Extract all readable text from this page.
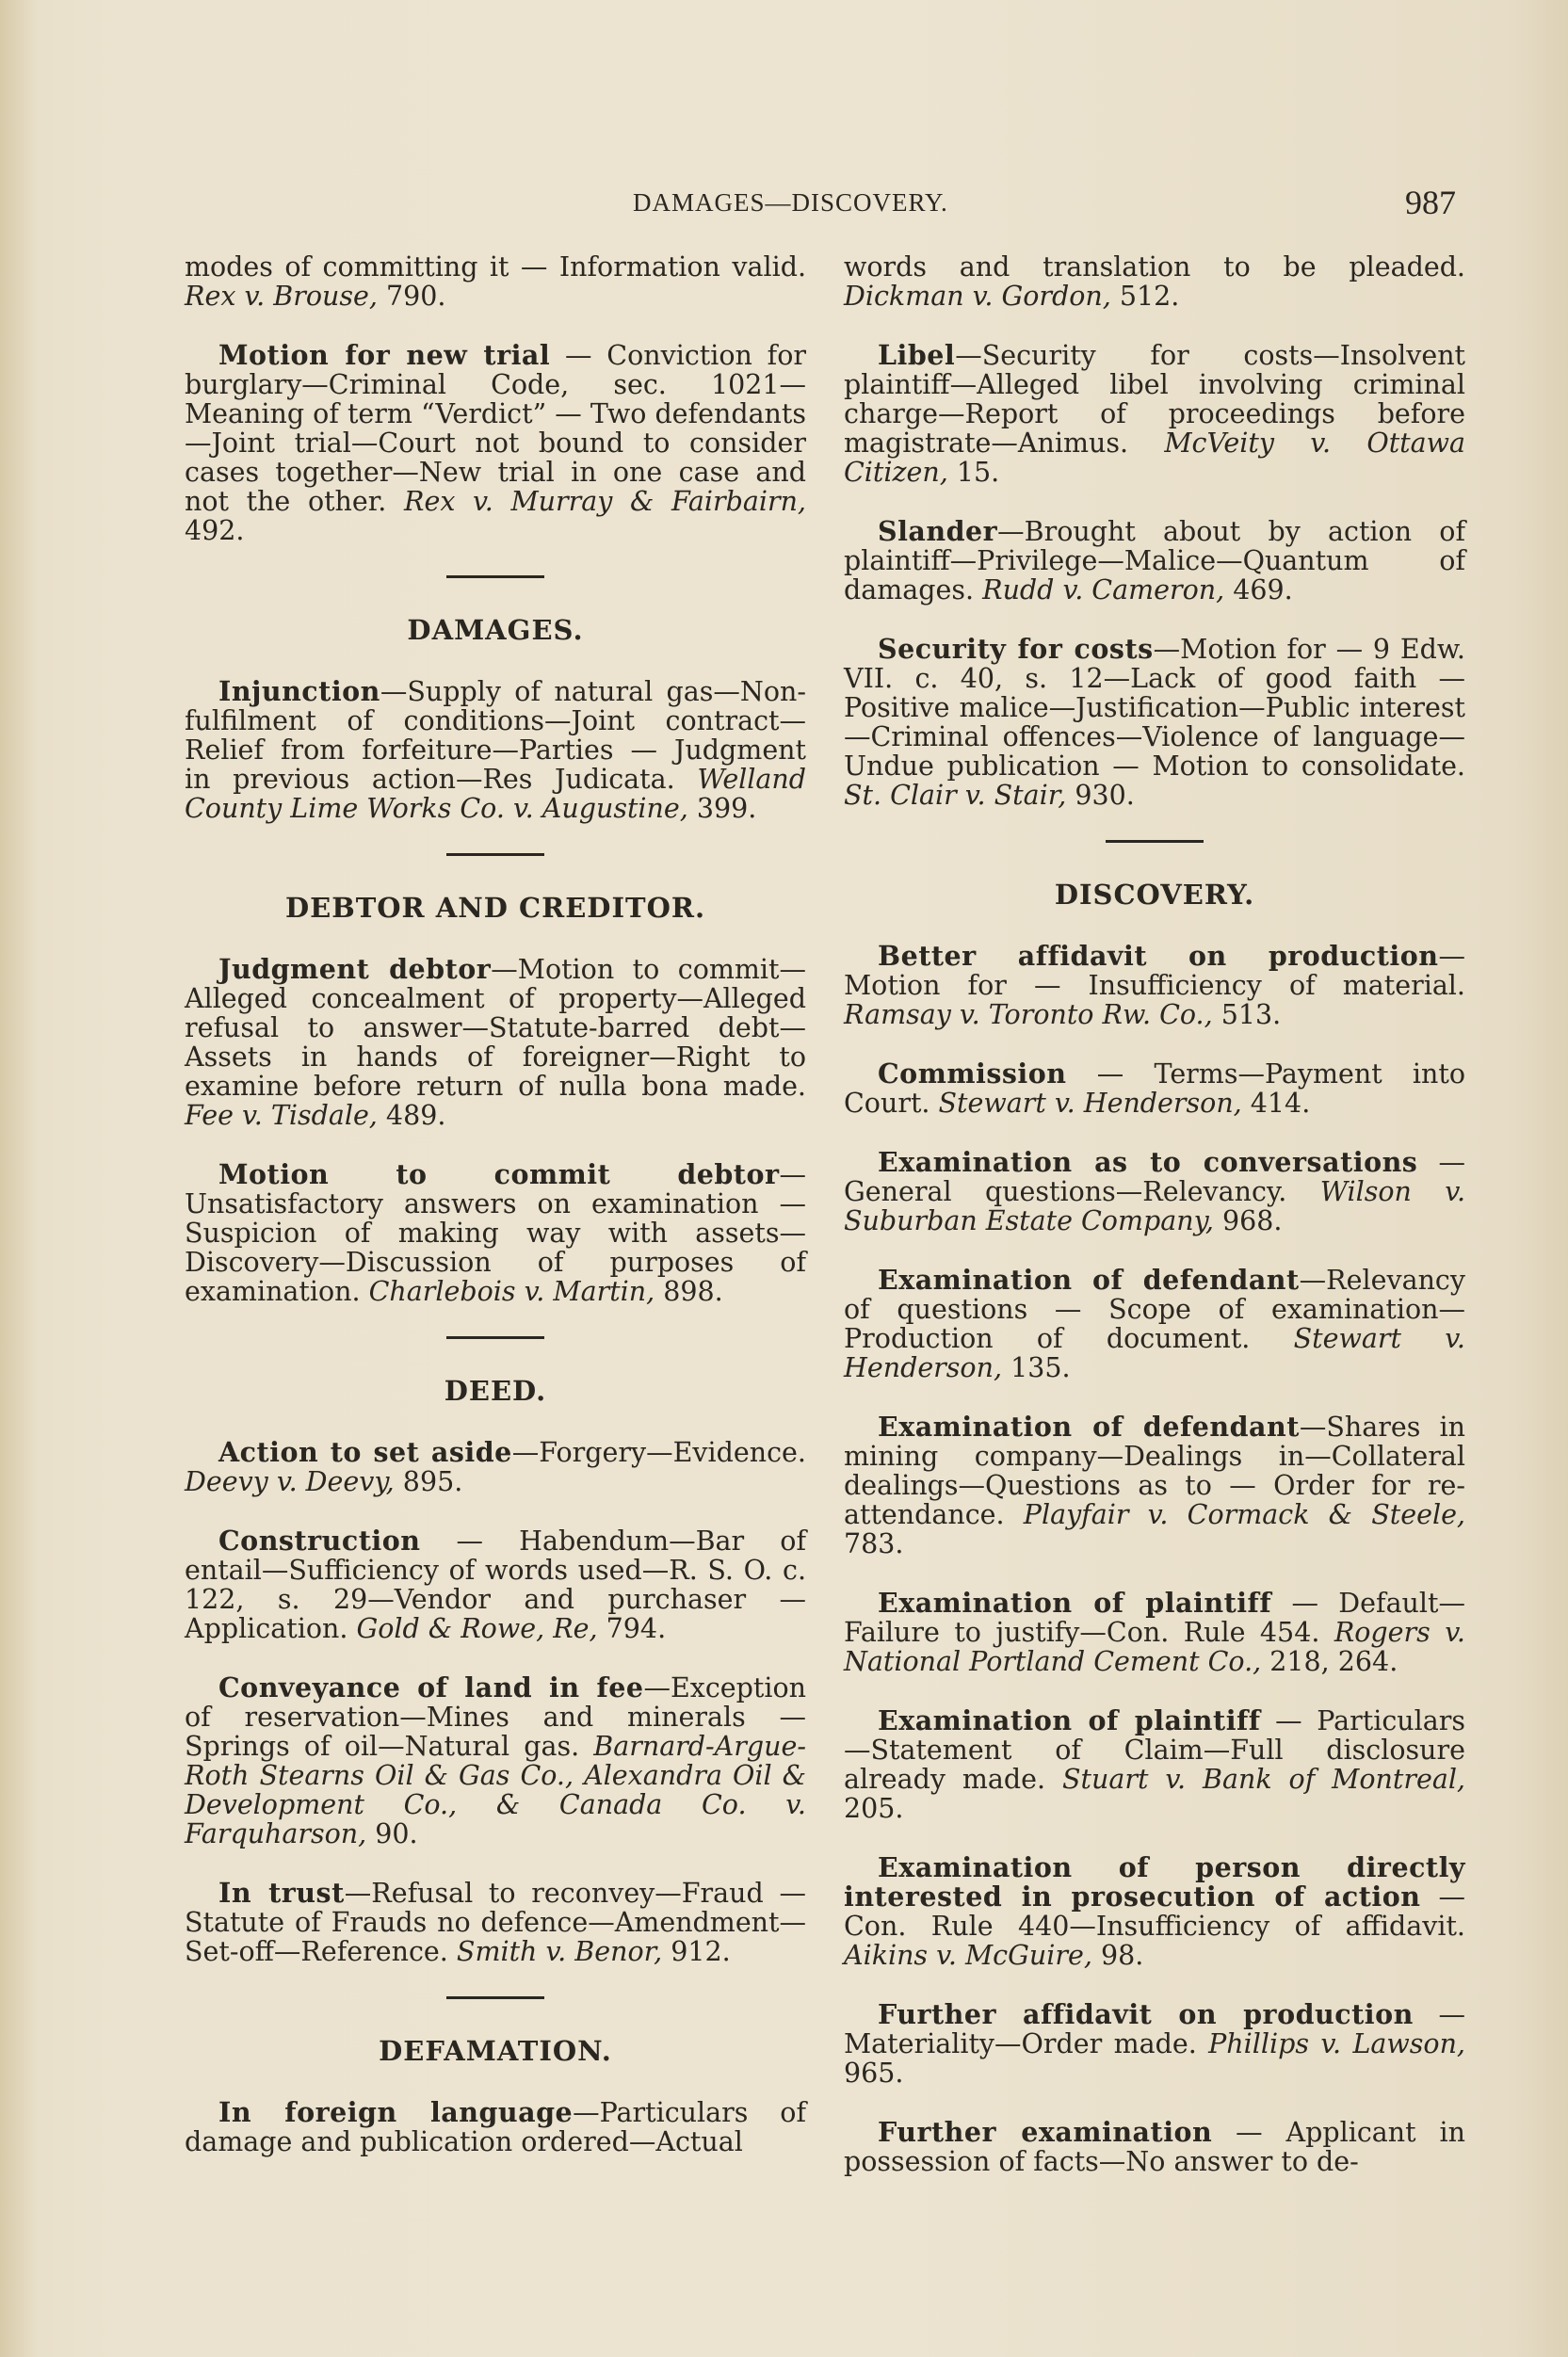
DAMAGES—DISCOVERY.	987

modes of committing it — Information valid. Rex v. Brouse, 790.

Motion for new trial — Conviction for burglary—Criminal Code, sec. 1021—Meaning of term “Verdict” — Two defendants—Joint trial—Court not bound to consider cases together—New trial in one case and not the other. Rex v. Murray & Fairbairn, 492.

DAMAGES.

Injunction—Supply of natural gas—Non-fulfilment of conditions—Joint contract—Relief from forfeiture—Parties — Judgment in previous action—Res Judicata. Welland County Lime Works Co. v. Augustine, 399.

DEBTOR AND CREDITOR.

Judgment debtor—Motion to commit—Alleged concealment of property—Alleged refusal to answer—Statute-barred debt—Assets in hands of foreigner—Right to examine before return of nulla bona made. Fee v. Tisdale, 489.

Motion to commit debtor—Unsatisfactory answers on examination — Suspicion of making way with assets—Discovery—Discussion of purposes of examination. Charlebois v. Martin, 898.

DEED.

Action to set aside—Forgery—Evidence. Deevy v. Deevy, 895.

Construction — Habendum—Bar of entail—Sufficiency of words used—R. S. O. c. 122, s. 29—Vendor and purchaser —Application. Gold & Rowe, Re, 794.

Conveyance of land in fee—Exception of reservation—Mines and minerals —Springs of oil—Natural gas. Barnard-Argue-Roth Stearns Oil & Gas Co., Alexandra Oil & Development Co., & Canada Co. v. Farquharson, 90.

In trust—Refusal to reconvey—Fraud —Statute of Frauds no defence—Amendment—Set-off—Reference. Smith v. Benor, 912.

DEFAMATION.

In foreign language—Particulars of damage and publication ordered—Actual

words and translation to be pleaded. Dickman v. Gordon, 512.

Libel—Security for costs—Insolvent plaintiff—Alleged libel involving criminal charge—Report of proceedings before magistrate—Animus. McVeity v. Ottawa Citizen, 15.

Slander—Brought about by action of plaintiff—Privilege—Malice—Quantum of damages. Rudd v. Cameron, 469.

Security for costs—Motion for — 9 Edw. VII. c. 40, s. 12—Lack of good faith — Positive malice—Justification—Public interest—Criminal offences—Violence of language—Undue publication — Motion to consolidate. St. Clair v. Stair, 930.

DISCOVERY.

Better affidavit on production—Motion for — Insufficiency of material. Ramsay v. Toronto Rw. Co., 513.

Commission — Terms—Payment into Court. Stewart v. Henderson, 414.

Examination as to conversations —General questions—Relevancy. Wilson v. Suburban Estate Company, 968.

Examination of defendant—Relevancy of questions — Scope of examination—Production of document. Stewart v. Henderson, 135.

Examination of defendant—Shares in mining company—Dealings in—Collateral dealings—Questions as to — Order for re-attendance. Playfair v. Cormack & Steele, 783.

Examination of plaintiff — Default—Failure to justify—Con. Rule 454. Rogers v. National Portland Cement Co., 218, 264.

Examination of plaintiff — Particulars—Statement of Claim—Full disclosure already made. Stuart v. Bank of Montreal, 205.

Examination of person directly interested in prosecution of action —Con. Rule 440—Insufficiency of affidavit. Aikins v. McGuire, 98.

Further affidavit on production —Materiality—Order made. Phillips v. Lawson, 965.

Further examination — Applicant in possession of facts—No answer to de-
